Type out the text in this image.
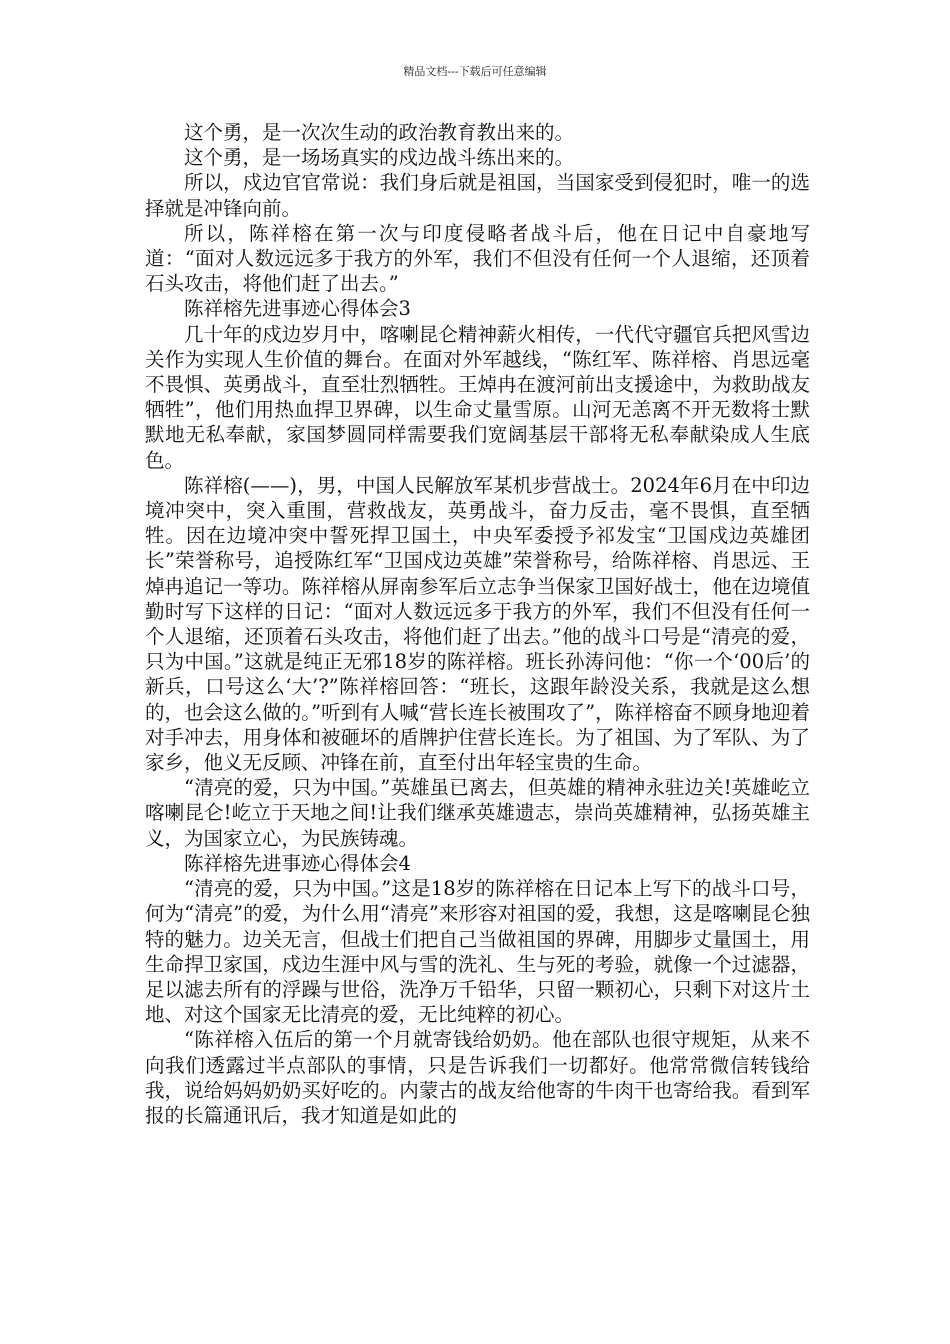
精品文档---下载后可任意编辑

这个勇，是一次次生动的政治教育教出来的。

这个勇，是一场场真实的戍边战斗练出来的。

所以，戍边官官常说：我们身后就是祖国，当国家受到侵犯时，唯一的选择就是冲锋向前。

所以，陈祥榕在第一次与印度侵略者战斗后，他在日记中自豪地写道：“面对人数远远多于我方的外军，我们不但没有任何一个人退缩，还顶着石头攻击，将他们赶了出去。”

陈祥榕先进事迹心得体会3

几十年的戍边岁月中，喀喇昆仑精神薪火相传，一代代守疆官兵把风雪边关作为实现人生价值的舞台。在面对外军越线，“陈红军、陈祥榕、肖思远毫不畏惧、英勇战斗，直至壮烈牺牲。王焯冉在渡河前出支援途中，为救助战友牺牲”，他们用热血捍卫界碑，以生命丈量雪原。山河无恙离不开无数将士默默地无私奉献，家国梦圆同样需要我们宽阔基层干部将无私奉献染成人生底色。

陈祥榕(——)，男，中国人民解放军某机步营战士。2024年6月在中印边境冲突中，突入重围，营救战友，英勇战斗，奋力反击，毫不畏惧，直至牺牲。因在边境冲突中誓死捍卫国土，中央军委授予祁发宝“卫国戍边英雄团长”荣誉称号，追授陈红军“卫国戍边英雄”荣誉称号，给陈祥榕、肖思远、王焯冉追记一等功。陈祥榕从屏南参军后立志争当保家卫国好战士，他在边境值勤时写下这样的日记：“面对人数远远多于我方的外军，我们不但没有任何一个人退缩，还顶着石头攻击，将他们赶了出去。”他的战斗口号是“清亮的爱，只为中国。”这就是纯正无邪18岁的陈祥榕。班长孙涛问他：“你一个‘00后’的新兵，口号这么‘大’?”陈祥榕回答：“班长，这跟年龄没关系，我就是这么想的，也会这么做的。”听到有人喊“营长连长被围攻了”，陈祥榕奋不顾身地迎着对手冲去，用身体和被砸坏的盾牌护住营长连长。为了祖国、为了军队、为了家乡，他义无反顾、冲锋在前，直至付出年轻宝贵的生命。

“清亮的爱，只为中国。”英雄虽已离去，但英雄的精神永驻边关!英雄屹立喀喇昆仑!屹立于天地之间!让我们继承英雄遗志，崇尚英雄精神，弘扬英雄主义，为国家立心，为民族铸魂。

陈祥榕先进事迹心得体会4

“清亮的爱，只为中国。”这是18岁的陈祥榕在日记本上写下的战斗口号，何为“清亮”的爱，为什么用“清亮”来形容对祖国的爱，我想，这是喀喇昆仑独特的魅力。边关无言，但战士们把自己当做祖国的界碑，用脚步丈量国土，用生命捍卫家国，戍边生涯中风与雪的洗礼、生与死的考验，就像一个过滤器，足以滤去所有的浮躁与世俗，洗净万千铅华，只留一颗初心，只剩下对这片土地、对这个国家无比清亮的爱，无比纯粹的初心。

“陈祥榕入伍后的第一个月就寄钱给奶奶。他在部队也很守规矩，从来不向我们透露过半点部队的事情，只是告诉我们一切都好。他常常微信转钱给我，说给妈妈奶奶买好吃的。内蒙古的战友给他寄的牛肉干也寄给我。看到军报的长篇通讯后，我才知道是如此的
